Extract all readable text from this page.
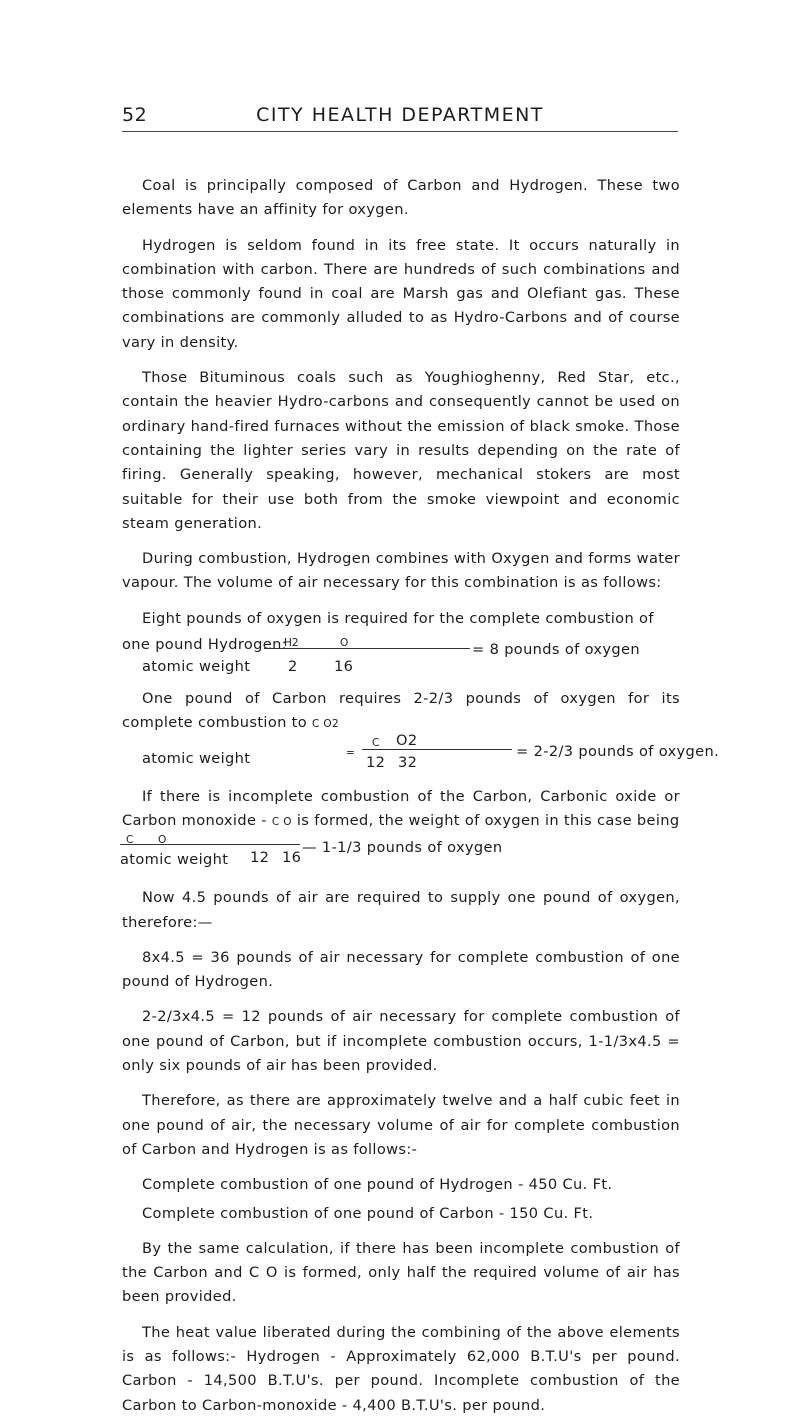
52	CITY HEALTH DEPARTMENT

Coal is principally composed of Carbon and Hydrogen. These two elements have an affinity for oxygen.

Hydrogen is seldom found in its free state. It occurs naturally in combination with carbon. There are hundreds of such combinations and those commonly found in coal are Marsh gas and Olefiant gas. These combinations are commonly alluded to as Hydro-Carbons and of course vary in density.

Those Bituminous coals such as Youghioghenny, Red Star, etc., contain the heavier Hydro-carbons and consequently cannot be used on ordinary hand-fired furnaces without the emission of black smoke. Those containing the lighter series vary in results depending on the rate of firing. Generally speaking, however, mechanical stokers are most suitable for their use both from the smoke viewpoint and economic steam generation.

During combustion, Hydrogen combines with Oxygen and forms water vapour. The volume of air necessary for this combination is as follows:

Eight pounds of oxygen is required for the complete combustion of

one pound Hydrogen:
H2	O	= 8 pounds of oxygen
atomic weight	2 16

One pound of Carbon requires 2-2/3 pounds of oxygen for its complete combustion to C O2

C O2
atomic weight	=	= 2-2/3 pounds of oxygen.
12 32

If there is incomplete combustion of the Carbon, Carbonic oxide or Carbon monoxide - C O is formed, the weight of oxygen in this case being

C O	— 1-1/3 pounds of oxygen
atomic weight 12 16

Now 4.5 pounds of air are required to supply one pound of oxygen, therefore:—

8x4.5 = 36 pounds of air necessary for complete combustion of one pound of Hydrogen.

2-2/3x4.5 = 12 pounds of air necessary for complete combustion of one pound of Carbon, but if incomplete combustion occurs, 1-1/3x4.5 = only six pounds of air has been provided.

Therefore, as there are approximately twelve and a half cubic feet in one pound of air, the necessary volume of air for complete combustion of Carbon and Hydrogen is as follows:-

Complete combustion of one pound of Hydrogen - 450 Cu. Ft.

Complete combustion of one pound of Carbon - 150 Cu. Ft.

By the same calculation, if there has been incomplete combustion of the Carbon and C O is formed, only half the required volume of air has been provided.

The heat value liberated during the combining of the above elements is as follows:- Hydrogen - Approximately 62,000 B.T.U's per pound. Carbon - 14,500 B.T.U's. per pound. Incomplete combustion of the Carbon to Carbon-monoxide - 4,400 B.T.U's. per pound.
